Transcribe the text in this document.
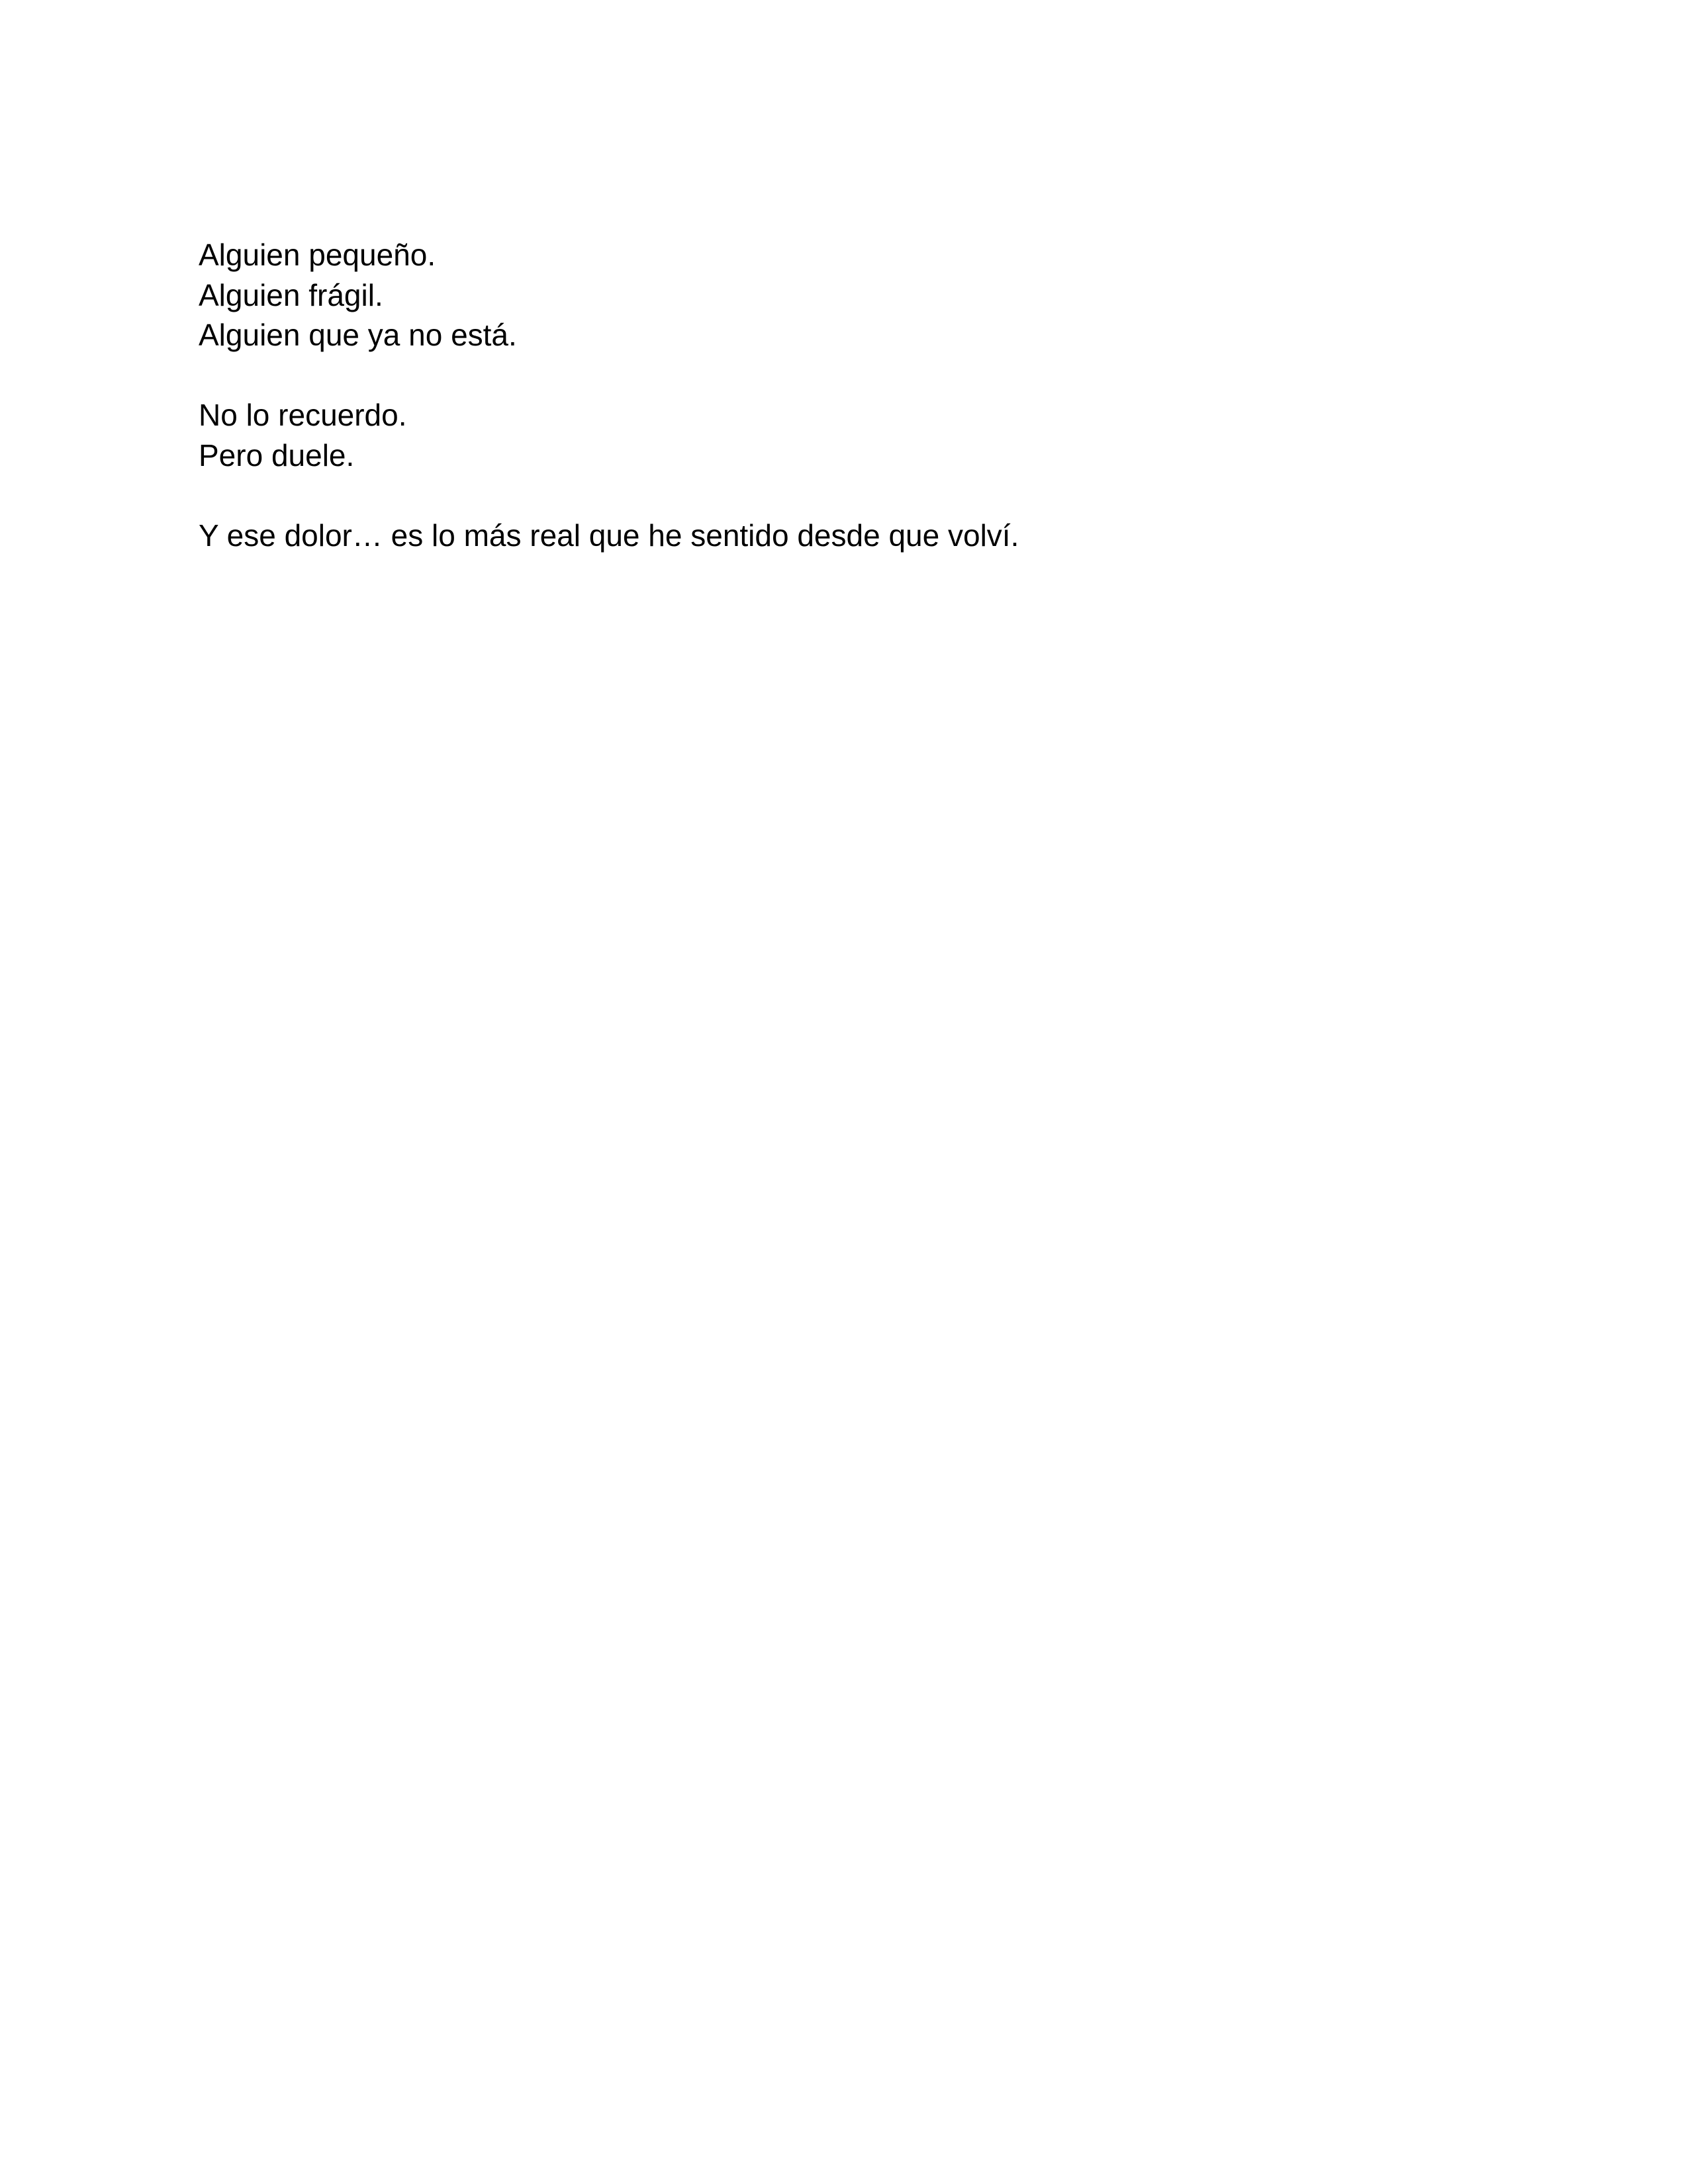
Alguien pequeño.
Alguien frágil.
Alguien que ya no está.
No lo recuerdo.
Pero duele.
Y ese dolor… es lo más real que he sentido desde que volví.
